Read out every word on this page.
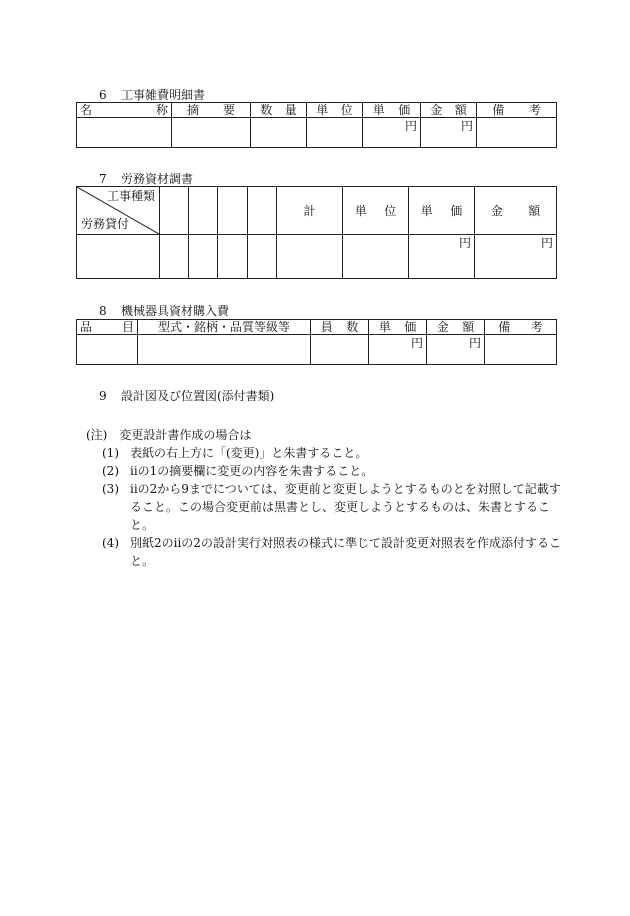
6 工事雑費明細書
名 称	摘 要	数 量	単 位	単 価	金 額	備 考

				円	円	
7 労務資材調書
工事種類
労務貸付					計	単 位	単 価	金 額

							円	円
8 機械器具資材購入費
品 目	型式・銘柄・品質等級等	員 数	単 価	金 額	備 考

			円	円	
9 設計図及び位置図(添付書類)
(注)　変更設計書作成の場合は
(1) 表紙の右上方に「(変更)」と朱書すること。
(2) iiの1の摘要欄に変更の内容を朱書すること。
(3) iiの2から9までについては、変更前と変更しようとするものとを対照して記載すること。この場合変更前は黒書とし、変更しようとするものは、朱書とすること。
(4) 別紙2のiiの2の設計実行対照表の様式に準じて設計変更対照表を作成添付すること。
